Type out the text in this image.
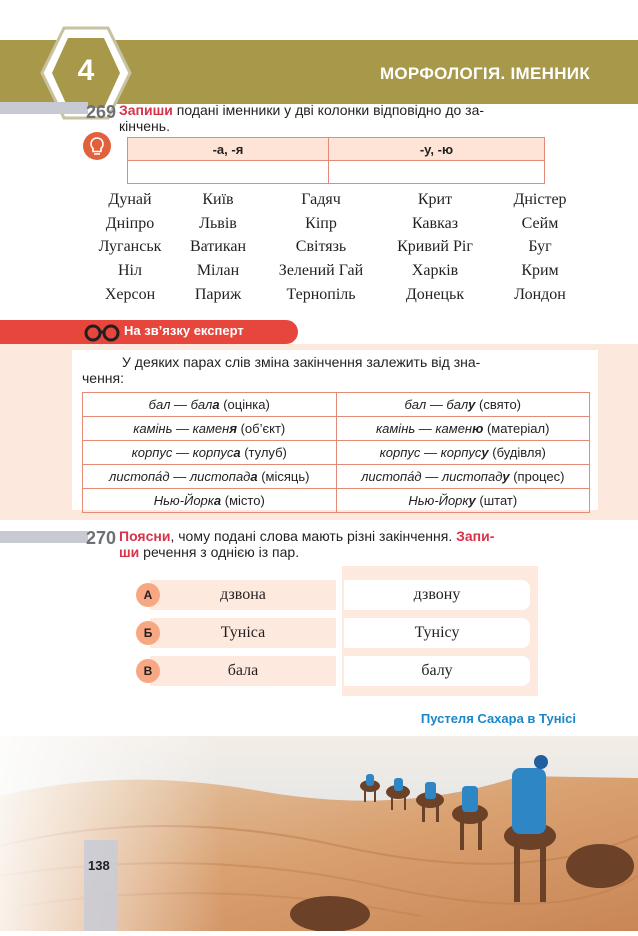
4	МОРФОЛОГІЯ. ІМЕННИК
269 Запиши подані іменники у дві колонки відповідно до за-
кінчень.
-а, -я	-у, -ю

Дунай	Київ	Гадяч	Крит	Дністер
Дніпро	Львів	Кіпр	Кавказ	Сейм
Луганськ	Ватикан	Світязь	Кривий Ріг	Буг
Ніл	Мілан	Зелений Гай	Харків	Крим
Херсон	Париж	Тернопіль	Донецьк	Лондон
На зв’язку експерт
У деяких парах слів зміна закінчення залежить від зна-
чення:
бал — бала (оцінка)	бал — балу (свято)
камінь — каменя (об’єкт)	камінь — каменю (матеріал)
корпус — корпуса (тулуб)	корпус — корпусу (будівля)
листопа́д — листопада (місяць)	листопа́д — листопаду (процес)
Нью-Йорка (місто)	Нью-Йорку (штат)
270 Поясни, чому подані слова мають різні закінчення. Запи-
ши речення з однією із пар.
дзвона	дзвону
А
Туніса	Тунісу
Б
бала	балу
В
Пустеля Сахара в Тунісі
138
